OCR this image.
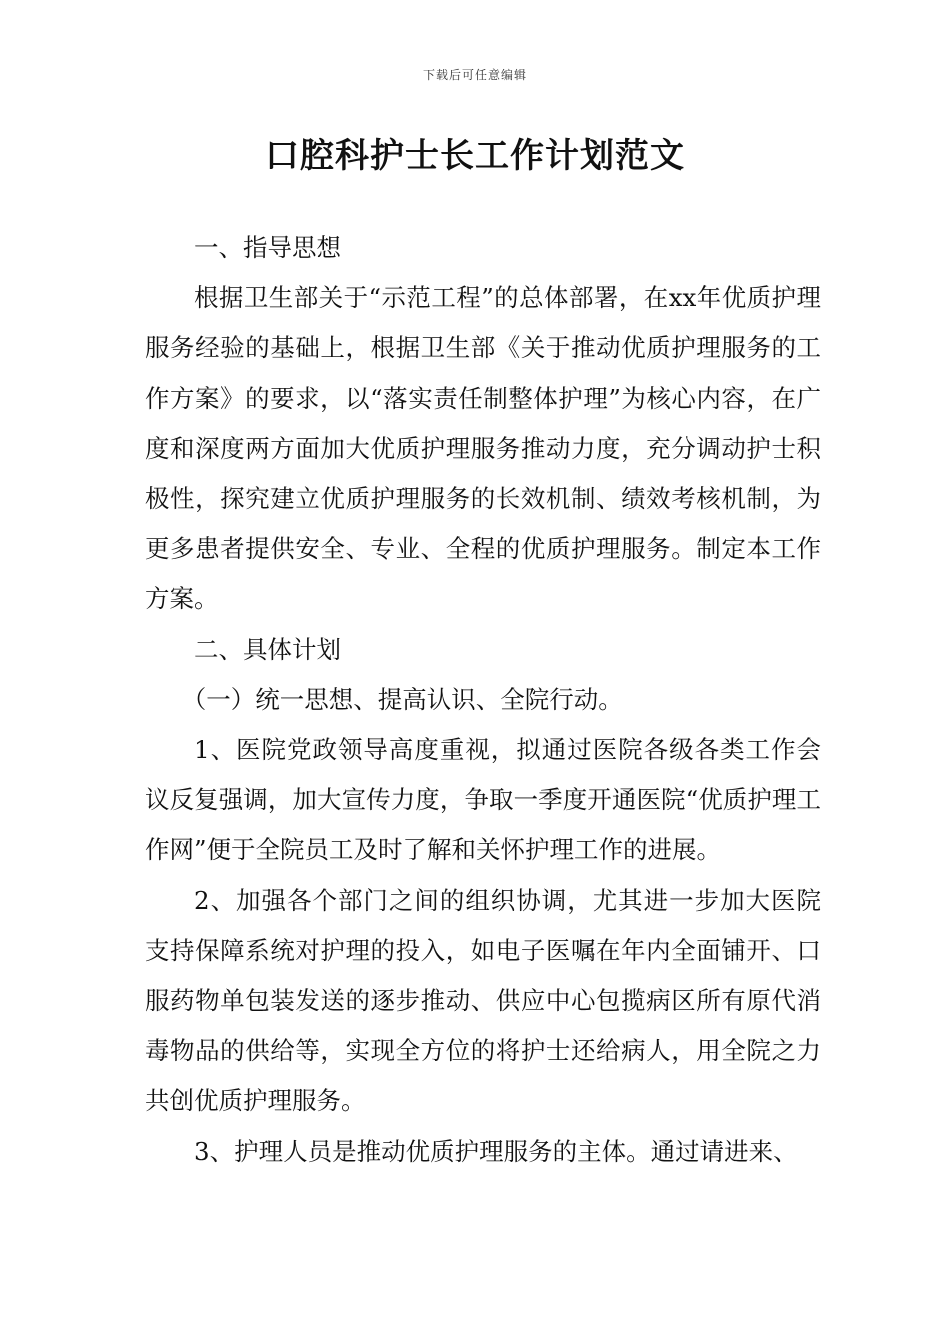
下载后可任意编辑
口腔科护士长工作计划范文

一、指导思想

根据卫生部关于“示范工程”的总体部署，在xx年优质护理服务经验的基础上，根据卫生部《关于推动优质护理服务的工作方案》的要求，以“落实责任制整体护理”为核心内容，在广度和深度两方面加大优质护理服务推动力度，充分调动护士积极性，探究建立优质护理服务的长效机制、绩效考核机制，为更多患者提供安全、专业、全程的优质护理服务。制定本工作方案。

二、具体计划

（一）统一思想、提高认识、全院行动。

1、医院党政领导高度重视，拟通过医院各级各类工作会议反复强调，加大宣传力度，争取一季度开通医院“优质护理工作网”便于全院员工及时了解和关怀护理工作的进展。

2、加强各个部门之间的组织协调，尤其进一步加大医院支持保障系统对护理的投入，如电子医嘱在年内全面铺开、口服药物单包装发送的逐步推动、供应中心包揽病区所有原代消毒物品的供给等，实现全方位的将护士还给病人，用全院之力共创优质护理服务。

3、护理人员是推动优质护理服务的主体。通过请进来、
